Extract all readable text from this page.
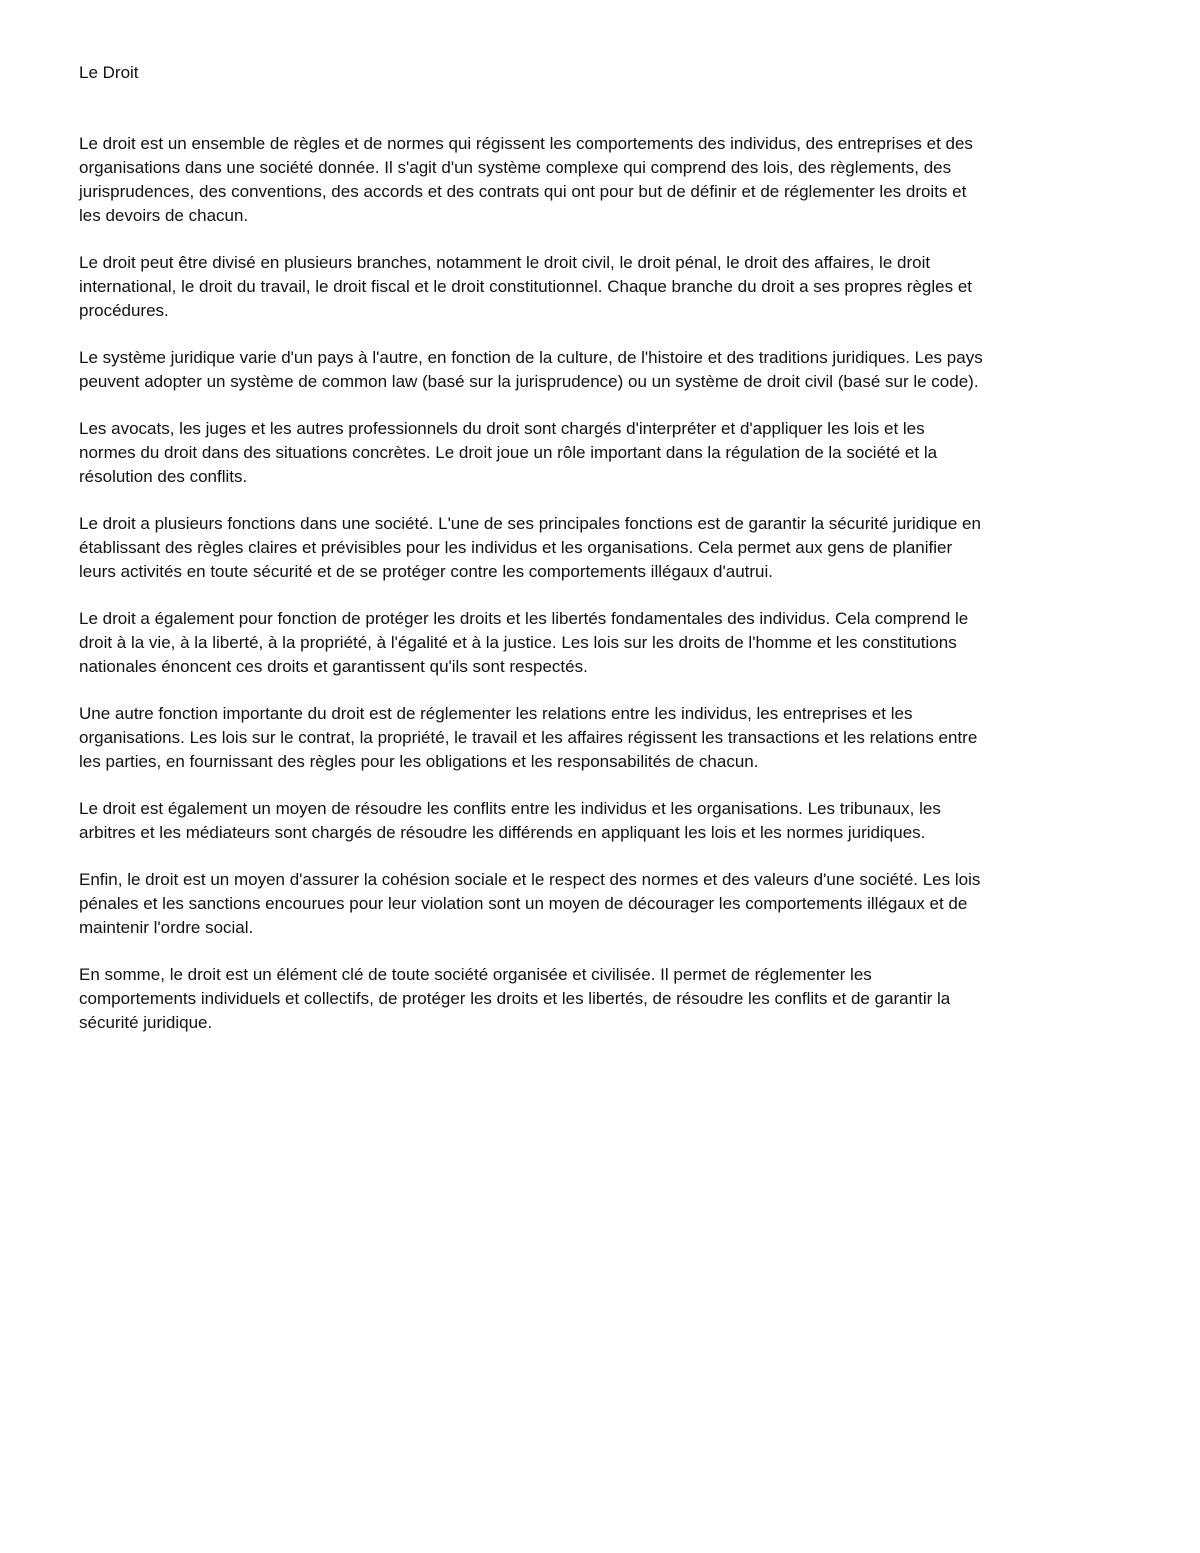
Le Droit
Le droit est un ensemble de règles et de normes qui régissent les comportements des individus, des entreprises et des
organisations dans une société donnée. Il s'agit d'un système complexe qui comprend des lois, des règlements, des
jurisprudences, des conventions, des accords et des contrats qui ont pour but de définir et de réglementer les droits et
les devoirs de chacun.
Le droit peut être divisé en plusieurs branches, notamment le droit civil, le droit pénal, le droit des affaires, le droit
international, le droit du travail, le droit fiscal et le droit constitutionnel. Chaque branche du droit a ses propres règles et
procédures.
Le système juridique varie d'un pays à l'autre, en fonction de la culture, de l'histoire et des traditions juridiques. Les pays
peuvent adopter un système de common law (basé sur la jurisprudence) ou un système de droit civil (basé sur le code).
Les avocats, les juges et les autres professionnels du droit sont chargés d'interpréter et d'appliquer les lois et les
normes du droit dans des situations concrètes. Le droit joue un rôle important dans la régulation de la société et la
résolution des conflits.
Le droit a plusieurs fonctions dans une société. L'une de ses principales fonctions est de garantir la sécurité juridique en
établissant des règles claires et prévisibles pour les individus et les organisations. Cela permet aux gens de planifier
leurs activités en toute sécurité et de se protéger contre les comportements illégaux d'autrui.
Le droit a également pour fonction de protéger les droits et les libertés fondamentales des individus. Cela comprend le
droit à la vie, à la liberté, à la propriété, à l'égalité et à la justice. Les lois sur les droits de l'homme et les constitutions
nationales énoncent ces droits et garantissent qu'ils sont respectés.
Une autre fonction importante du droit est de réglementer les relations entre les individus, les entreprises et les
organisations. Les lois sur le contrat, la propriété, le travail et les affaires régissent les transactions et les relations entre
les parties, en fournissant des règles pour les obligations et les responsabilités de chacun.
Le droit est également un moyen de résoudre les conflits entre les individus et les organisations. Les tribunaux, les
arbitres et les médiateurs sont chargés de résoudre les différends en appliquant les lois et les normes juridiques.
Enfin, le droit est un moyen d'assurer la cohésion sociale et le respect des normes et des valeurs d'une société. Les lois
pénales et les sanctions encourues pour leur violation sont un moyen de décourager les comportements illégaux et de
maintenir l'ordre social.
En somme, le droit est un élément clé de toute société organisée et civilisée. Il permet de réglementer les
comportements individuels et collectifs, de protéger les droits et les libertés, de résoudre les conflits et de garantir la
sécurité juridique.
